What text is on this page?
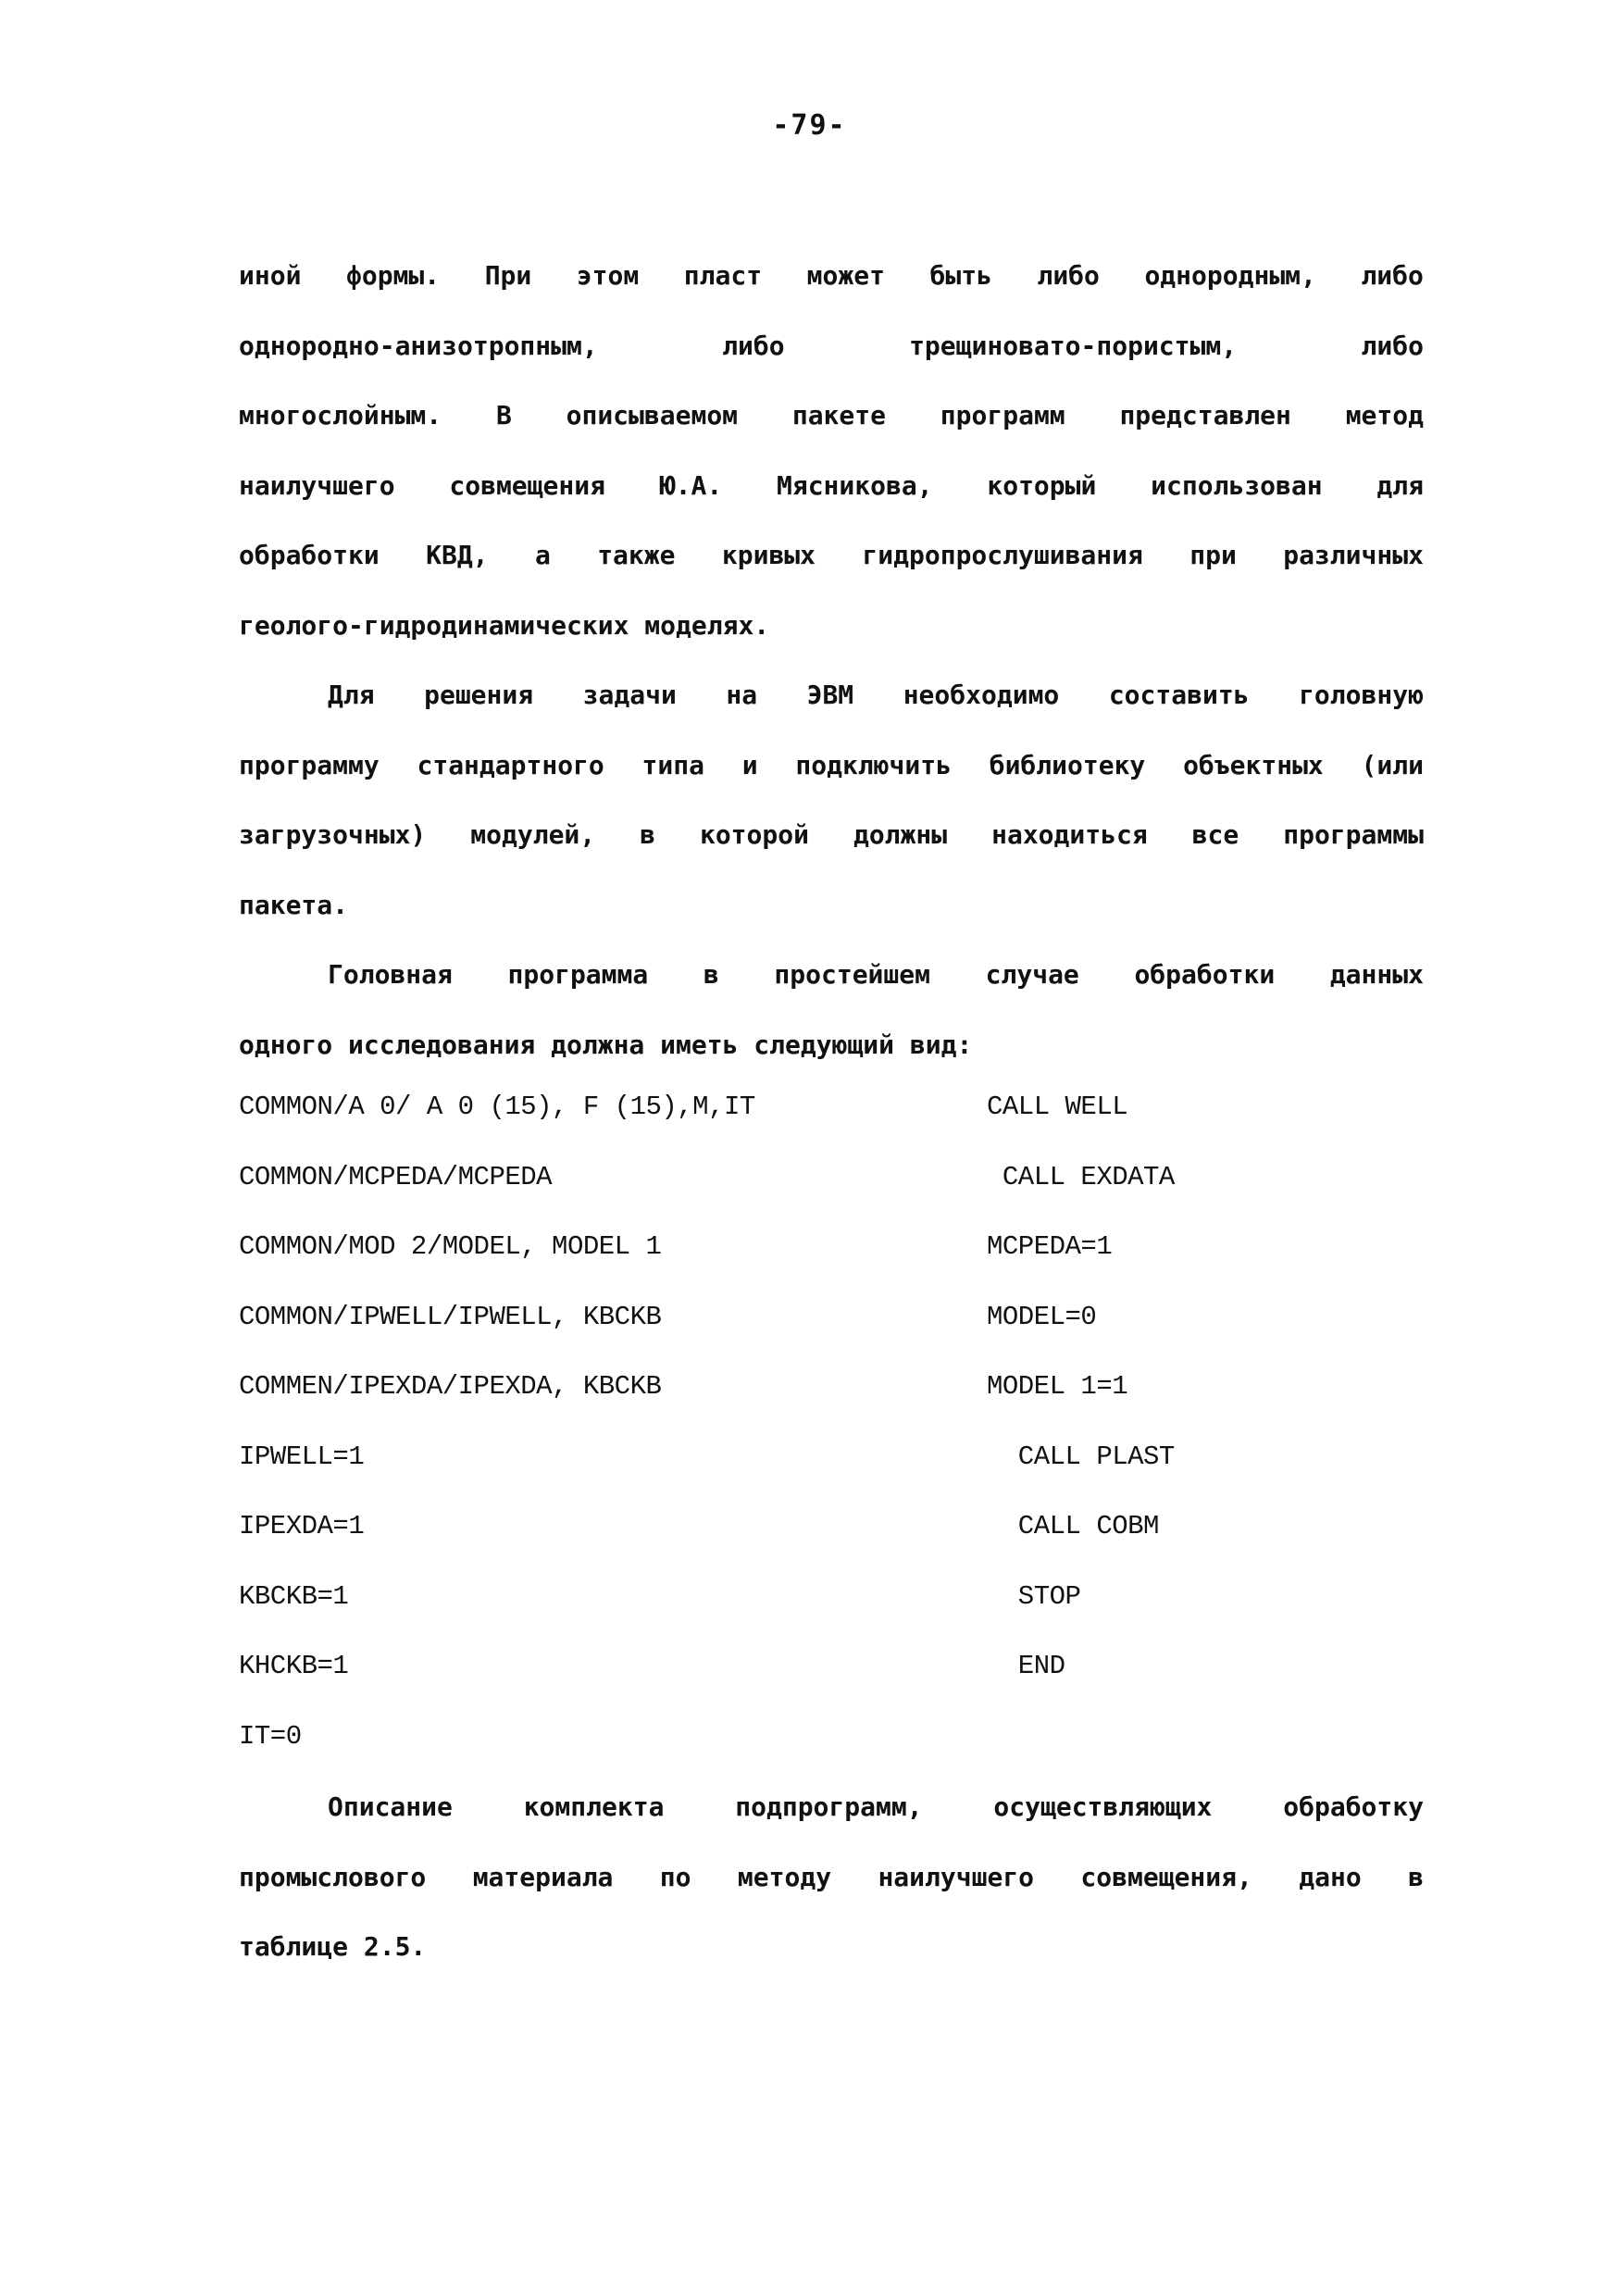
-79-
иной формы. При этом пласт может быть либо однородным, либо
однородно-анизотропным,	либо	трещиновато-пористым,	либо
многослойным. В описываемом пакете программ представлен метод
наилучшего совмещения Ю.А. Мясникова, который использован для
обработки КВД, а также кривых гидропрослушивания при различных
геолого-гидродинамических моделях.
Для решения задачи на ЭВМ необходимо составить головную
программу стандартного типа и подключить библиотеку объектных (или
загрузочных) модулей, в которой должны находиться все программы
пакета.
Головная программа в простейшем случае обработки данных
одного исследования должна иметь следующий вид:
COMMON/A 0/ A 0 (15), F (15),M,IT	CALL WELL
COMMON/MCPEDA/MCPEDA	CALL EXDATA
COMMON/MOD 2/MODEL, MODEL 1	MCPEDA=1
COMMON/IPWELL/IPWELL, KBCKB	MODEL=0
COMMEN/IPEXDA/IPEXDA, KBCKB	MODEL 1=1
IPWELL=1	CALL PLAST
IPEXDA=1	CALL COBM
KBCKB=1	STOP
KHCKB=1	END
IT=0
Описание	комплекта	подпрограмм,	осуществляющих	обработку
промыслового материала по методу наилучшего совмещения, дано в
таблице 2.5.
